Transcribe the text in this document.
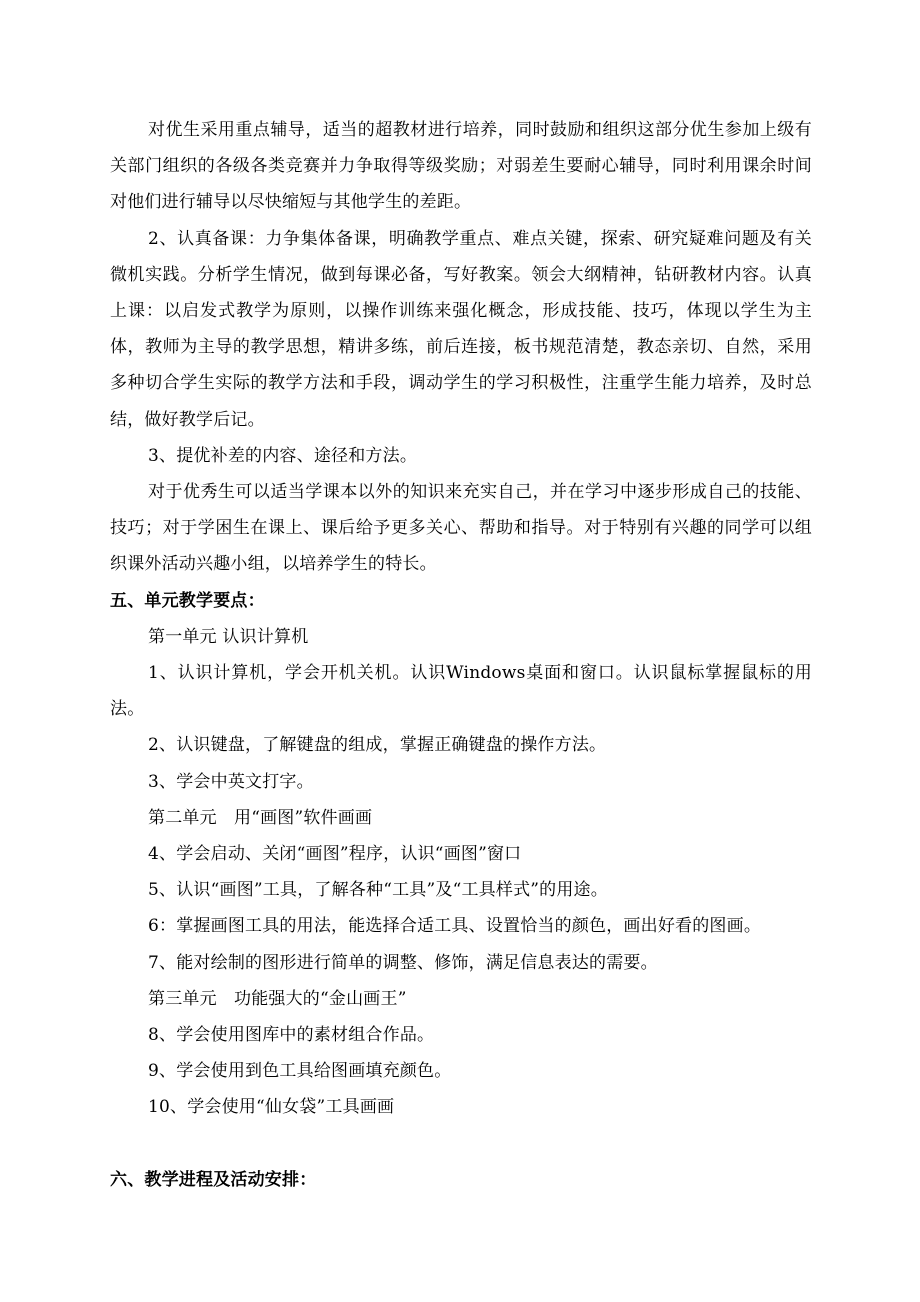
对优生采用重点辅导，适当的超教材进行培养，同时鼓励和组织这部分优生参加上级有关部门组织的各级各类竞赛并力争取得等级奖励；对弱差生要耐心辅导，同时利用课余时间对他们进行辅导以尽快缩短与其他学生的差距。

2、认真备课：力争集体备课，明确教学重点、难点关键，探索、研究疑难问题及有关微机实践。分析学生情况，做到每课必备，写好教案。领会大纲精神，钻研教材内容。认真上课：以启发式教学为原则，以操作训练来强化概念，形成技能、技巧，体现以学生为主体，教师为主导的教学思想，精讲多练，前后连接，板书规范清楚，教态亲切、自然，采用多种切合学生实际的教学方法和手段，调动学生的学习积极性，注重学生能力培养，及时总结，做好教学后记。

3、提优补差的内容、途径和方法。

对于优秀生可以适当学课本以外的知识来充实自己，并在学习中逐步形成自己的技能、技巧；对于学困生在课上、课后给予更多关心、帮助和指导。对于特别有兴趣的同学可以组织课外活动兴趣小组，以培养学生的特长。

五、单元教学要点：

第一单元 认识计算机

1、认识计算机，学会开机关机。认识Windows桌面和窗口。认识鼠标掌握鼠标的用法。

2、认识键盘，了解键盘的组成，掌握正确键盘的操作方法。

3、学会中英文打字。

第二单元　用“画图”软件画画

4、学会启动、关闭“画图”程序，认识“画图”窗口

5、认识“画图”工具，了解各种“工具”及“工具样式”的用途。

6：掌握画图工具的用法，能选择合适工具、设置恰当的颜色，画出好看的图画。

7、能对绘制的图形进行简单的调整、修饰，满足信息表达的需要。

第三单元　功能强大的“金山画王”

8、学会使用图库中的素材组合作品。

9、学会使用到色工具给图画填充颜色。

10、学会使用“仙女袋”工具画画

六、教学进程及活动安排：
